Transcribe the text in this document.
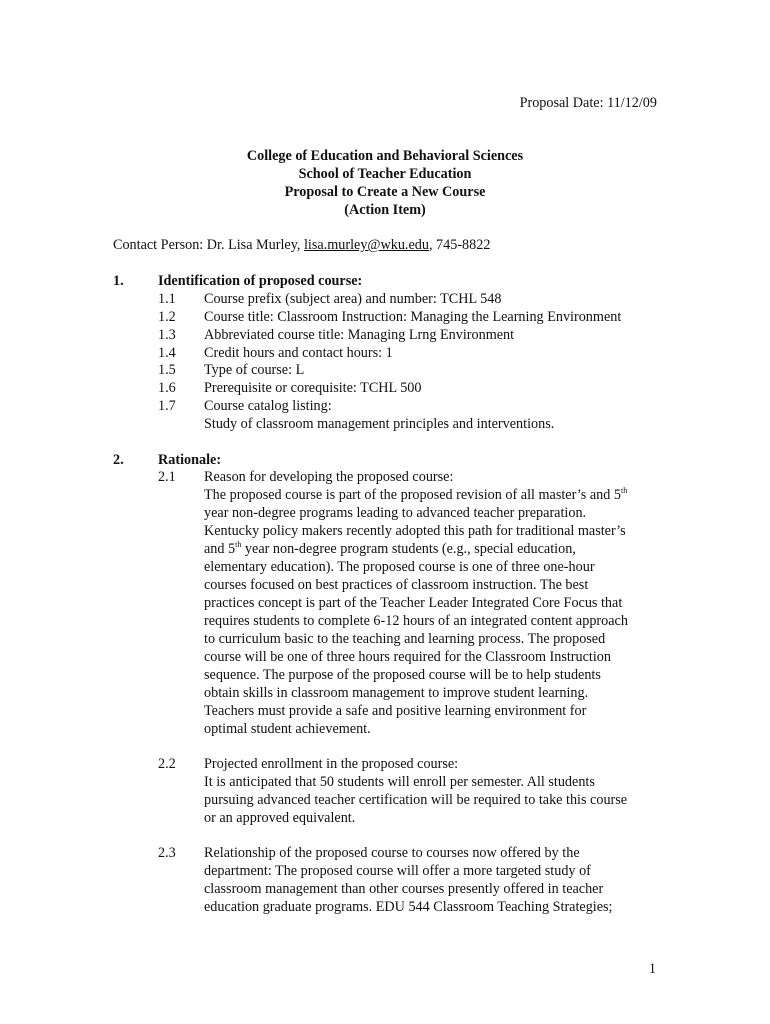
Proposal Date: 11/12/09
College of Education and Behavioral Sciences
School of Teacher Education
Proposal to Create a New Course
(Action Item)
Contact Person: Dr. Lisa Murley, lisa.murley@wku.edu, 745-8822
1. Identification of proposed course:
1.1 Course prefix (subject area) and number: TCHL 548
1.2 Course title: Classroom Instruction: Managing the Learning Environment
1.3 Abbreviated course title: Managing Lrng Environment
1.4 Credit hours and contact hours: 1
1.5 Type of course: L
1.6 Prerequisite or corequisite: TCHL 500
1.7 Course catalog listing:
Study of classroom management principles and interventions.
2. Rationale:
2.1 Reason for developing the proposed course:
The proposed course is part of the proposed revision of all master’s and 5th
year non-degree programs leading to advanced teacher preparation.
Kentucky policy makers recently adopted this path for traditional master’s
and 5th year non-degree program students (e.g., special education,
elementary education). The proposed course is one of three one-hour
courses focused on best practices of classroom instruction. The best
practices concept is part of the Teacher Leader Integrated Core Focus that
requires students to complete 6-12 hours of an integrated content approach
to curriculum basic to the teaching and learning process. The proposed
course will be one of three hours required for the Classroom Instruction
sequence. The purpose of the proposed course will be to help students
obtain skills in classroom management to improve student learning.
Teachers must provide a safe and positive learning environment for
optimal student achievement.
2.2 Projected enrollment in the proposed course:
It is anticipated that 50 students will enroll per semester. All students
pursuing advanced teacher certification will be required to take this course
or an approved equivalent.
2.3 Relationship of the proposed course to courses now offered by the
department: The proposed course will offer a more targeted study of
classroom management than other courses presently offered in teacher
education graduate programs. EDU 544 Classroom Teaching Strategies;
1
